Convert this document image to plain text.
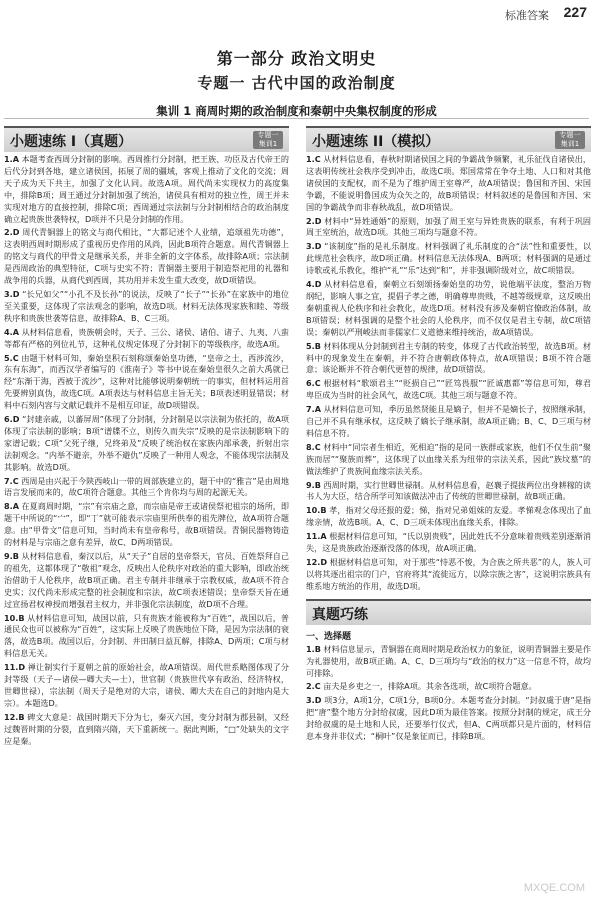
标准答案 227
第一部分 政治文明史
专题一 古代中国的政治制度
集训 1 商周时期的政治制度和秦朝中央集权制度的形成
小题速练 I（真题）	专题一 集训1
1.A 本题考查西周分封制的影响。西周推行分封制，把王族、功臣及古代帝王的后代分封到各地，建立诸侯国，拓展了周的疆域，客观上推动了文化的交流；周天子成为天下共主，加强了文化认同。故选A项。周代尚未实现权力的高度集中，排除B项；周王通过分封制加强了统治，诸侯具有相对的独立性，周王并未实现对地方的直接控制，排除C项；西周通过宗法制与分封制相结合的政治制度确立起贵族世袭特权，D项并不只是分封制的作用。
2.D 周代青铜器上的铭文与商代相比，“大都记述个人业绩，追颂祖先功德”，这表明西周时期形成了重视历史作用的风尚，因此B项符合题意。周代青铜器上的铭文与商代的甲骨文是继承关系，并非全新的文字体系，故排除A项；宗法制是西周政治的典型特征，C项与史实不符；青铜器主要用于制造祭祀用的礼器和战争用的兵器，从商代到西周，其功用并未发生重大改变，故D项错误。
3.D “长兄如父”“小孔不及长孙”的说法，反映了“长子”“长孙”在家族中的地位至关重要，这体现了宗法观念的影响，故选D项。材料无法体现家族和睦、等级秩序和贵族世袭等信息，故排除A、B、C三项。
4.A 从材料信息看，贵族朝会时，天子、三公、诸侯、诸伯、诸子、九夷、八蛮等都有严格的列位礼节，这种礼仪规定体现了分封制下的等级秩序，故选A项。
5.C 由题干材料可知，秦始皇积石刻称颂秦始皇功德，“皇帝之土，西涉流沙，东有东海”，而西汉学者编写的《淮南子》等书中说在秦始皇很久之前大禹就已经“东渐于海，西被于流沙”，这种对比能够说明秦朝统一的事实，但材料运用首先要辨别真伪，故选C项。A项表达与材料信息主旨无关；B项表述明显错误；材料中石刻内容与文献记载并不是相互印证，故D项错误。
6.D “封建亲戚，以蕃屏周”体现了分封制，分封制是以宗法制为依托的，故A项体现了宗法制的影响；B项“谱牒不立，则传久而失宗”反映的是宗法制影响下的家谱记载；C项“父死子继，兄终弟及”反映了统治权在家族内部承袭，折射出宗法制观念。“内举不避亲，外举不避仇”反映了一种用人观念，不能体现宗法制及其影响。故选D项。
7.C 西周是由兴起于今陕西岐山一带的周部族建立的，题干中的“雅言”是由周地语言发展而来的，故C项符合题意。其他三个肯你均与周的起源无关。
8.A 在夏商周时期，“宗”有宗庙之意，而宗庙是帝王或诸侯祭祀祖宗的场所，即题干中所说的“宀”，即“丁”就可能表示宗庙里所供奉的祖先牌位，故A项符合题意。由“甲骨文”信息可知，当时尚未有皇帝称号，故B项错误。青铜民器物铸造的材料是与宗庙之意有差异，故C、D两项错误。
9.B 从材料信息看，秦汉以后，从“天子”自居的皇帝祭天，官员、百姓祭拜自己的祖先，这都体现了“敬祖”观念，反映出人伦秩序对政治的重大影响，即政治统治借助于人伦秩序，故B项正确。君主专制并非继承于宗教权威，故A项不符合史实；汉代尚未形成完整的社会制度和宗法，故C项表述错误；皇帝祭天旨在通过宣扬君权神授而增强君主权力，并非强化宗法制度，故D项不合理。
10.B 从材料信息可知，战国以前，只有贵族才能被称为“百姓”，战国以后，普通民众也可以被称为“百姓”，这实际上反映了贵族地位下降，是因为宗法制的衰落，故选B项。战国以后，分封制、井田制日益瓦解，排除A、D两项；C项与材料信息无关。
11.D 禅让制实行于夏朝之前的原始社会，故A项错误。周代世系略图体现了分封等级（天子—诸侯—卿大夫—士），世官制（贵族世代享有政治、经济特权，世卿世禄），宗法制（周天子是绝对的大宗，诸侯、卿大夫在自己的封地内是大宗）。本题选D。
12.B 碑文大意是：战国时期天下分为七，秦灭六国，变分封制为郡县制，又经过魏晋时期的分裂，直到隋兴隋，天下重新统一。据此判断，“□”处缺失的文字应是秦。
小题速练 II（模拟）	专题一 集训1
1.C 从材料信息看，春秋时期诸侯国之间的争霸战争频繁，礼乐征伐自诸侯出，这表明传统社会秩序受到冲击，故选C项。郑国常常在争夺土地、人口和对其他诸侯国的支配权，而不是为了维护周王室尊严，故A项错误；鲁国和齐国、宋国争霸，不能说明鲁国成为众矢之的，故B项错误；材料叙述的是鲁国和齐国、宋国的争霸战争而非春秋战乱，故D项错误。
2.D 材料中“异姓通婚”的原则，加强了周王室与异姓贵族的联系，有利于巩固周王室统治，故选D项。其他三项均与题意不符。
3.D “该制度”指的是礼乐制度。材料强调了礼乐制度的合“法”性和重要性，以此规范社会秩序，故D项正确。材料信息无法体现A、B两项；材料强调的是通过诗歌或礼乐教化，维护“礼”“乐”达到“和”，并非强调阶级对立，故C项错误。
4.D 从材料信息看，秦朝立石刻颂扬秦始皇的功劳，说他端平法度，整治万物纲纪，影响人事之宜，提倡子孝之德，明确尊卑贵贱，不越等级规章，这反映出秦朝重视人伦秩序和社会教化，故选D项。材料没有涉及秦朝官僚政治体制，故B项错误；材料强调的是整个社会的人伦秩序，而不仅仅是君主专制，故C项错误；秦朝以严刑峻法而非儒家仁义道德来维持统治，故A项错误。
5.B 材料体现从分封制到君主专制的转变，体现了古代政治转型，故选B项。材料中的现象发生在秦朝，并不符合唐朝政体特点，故A项错误；B项不符合题意；该论断并不符合朝代更替的规律，故D项错误。
6.C 根据材料“歌颂君主”“贬损自己”“匠笃畏服”“匠诚惠都”等信息可知，尊君卑臣成为当时的社会风气，故选C项。其他三项与题意不符。
7.A 从材料信息可知，季历虽然贤能且是嫡子，但并不是嫡长子，按照继承制，自己并不具有继承权，这反映了嫡长子继承制，故A项正确；B、C、D三项与材料信息不符。
8.C 材料中“同宗者生相近，死相迫”指的是同一族群或家族，他们不仅生前“聚族而居”“聚族而葬”，这体现了以血缘关系为纽带的宗法关系，因此“族坟墓”的做法维护了贵族间血缘宗法关系。
9.B 西周时期，实行世卿世禄制。从材料信息看，赵襄子提拔两位出身耕稼的读书人为大臣，结合所学可知该做法冲击了传统的世卿世禄制，故B项正确。
10.B 孝，指对父母还报的爱；悌，指对兄弟姐妹的友爱。孝悌观念体现出了血缘亲情，故选B项。A、C、D三项未体现出血缘关系，排除。
11.A 根据材料信息可知，“氏以别贵贱”，因此姓氏不分意味着贵贱差别逐渐消失，这是贵族政治逐渐没落的体现，故A项正确。
12.D 根据材料信息可知，对于那些“恃恶不悛，为合族之所共恶”的人，族人可以将其逐出祖宗的门户，官府将其“流徙远方，以除宗族之害”，这说明宗族具有维系地方统治的作用，故选D项。
真题巧练
一、选择题
1.B 材料信息显示，青铜器在商周时期是政治权力的象征，说明青铜器主要是作为礼器使用，故B项正确。A、C、D三项均与“政治的权力”这一信息不符，故均可排除。
2.C 亩夫是乡吏之一，排除A项。其余各选项，故C项符合题意。
3.D 项3分，A项1分，C项1分，B项0分。本题考查分封制。“封叔虞于唐”是指把“唐”整个地方分封给叔虞，因此D项为最佳答案。按照分封制的规定，成王分封给叔虞的是土地和人民，还要举行仪式，但A、C两项都只是片面的，材料信息本身并非仪式；“桐叶”仅是象征而已，排除B项。
MXQE.COM
